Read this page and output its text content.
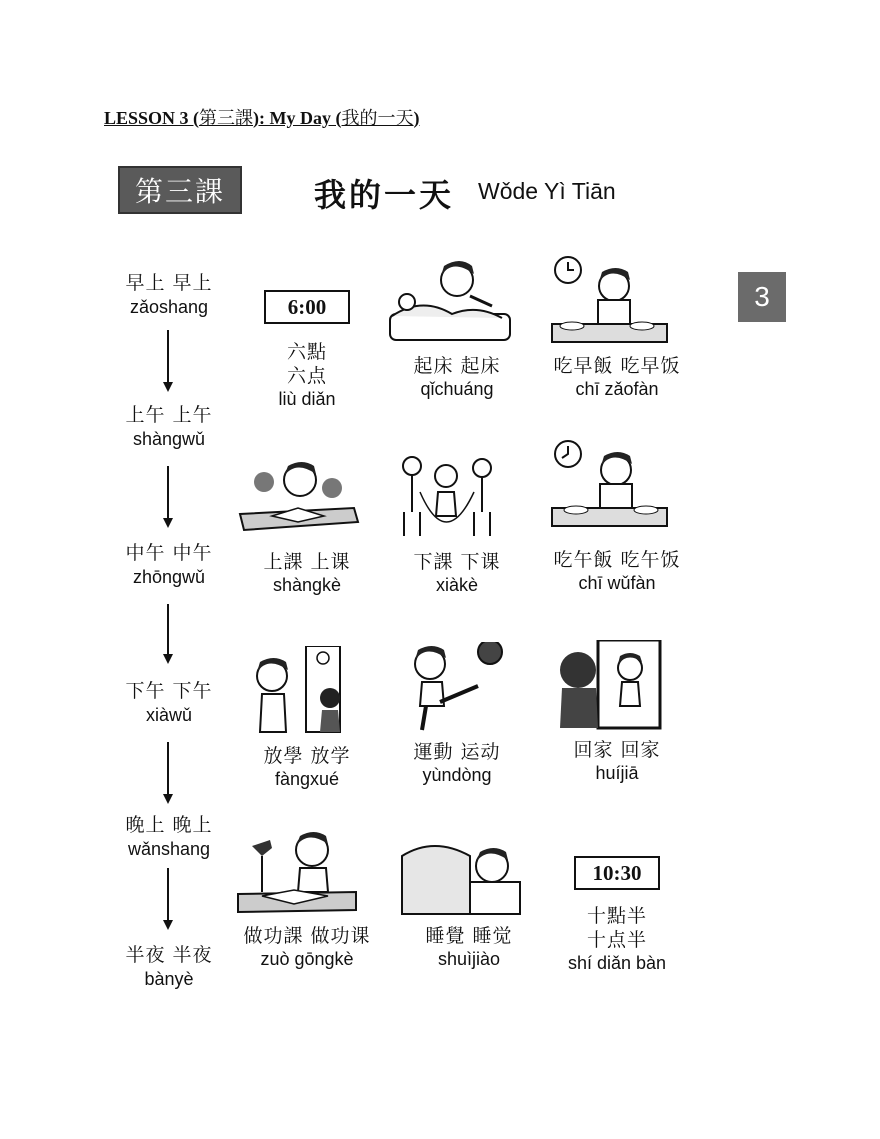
LESSON 3 (第三課): My Day (我的一天)
第三課	我的一天 Wǒde Yì Tiān
3
早上 早上
zǎoshang
上午 上午
shàngwǔ
中午 中午
zhōngwǔ
下午 下午
xiàwǔ
晚上 晚上
wǎnshang
半夜 半夜
bànyè
6:00
六點
六点
liù diǎn
起床 起床
qǐchuáng
吃早飯 吃早饭
chī zǎofàn
上課 上课
shàngkè
下課 下课
xiàkè
吃午飯 吃午饭
chī wǔfàn
放學 放学
fàngxué
運動 运动
yùndòng
回家 回家
huíjiā
做功課 做功课
zuò gōngkè
睡覺 睡觉
shuìjiào
10:30
十點半
十点半
shí diǎn bàn
